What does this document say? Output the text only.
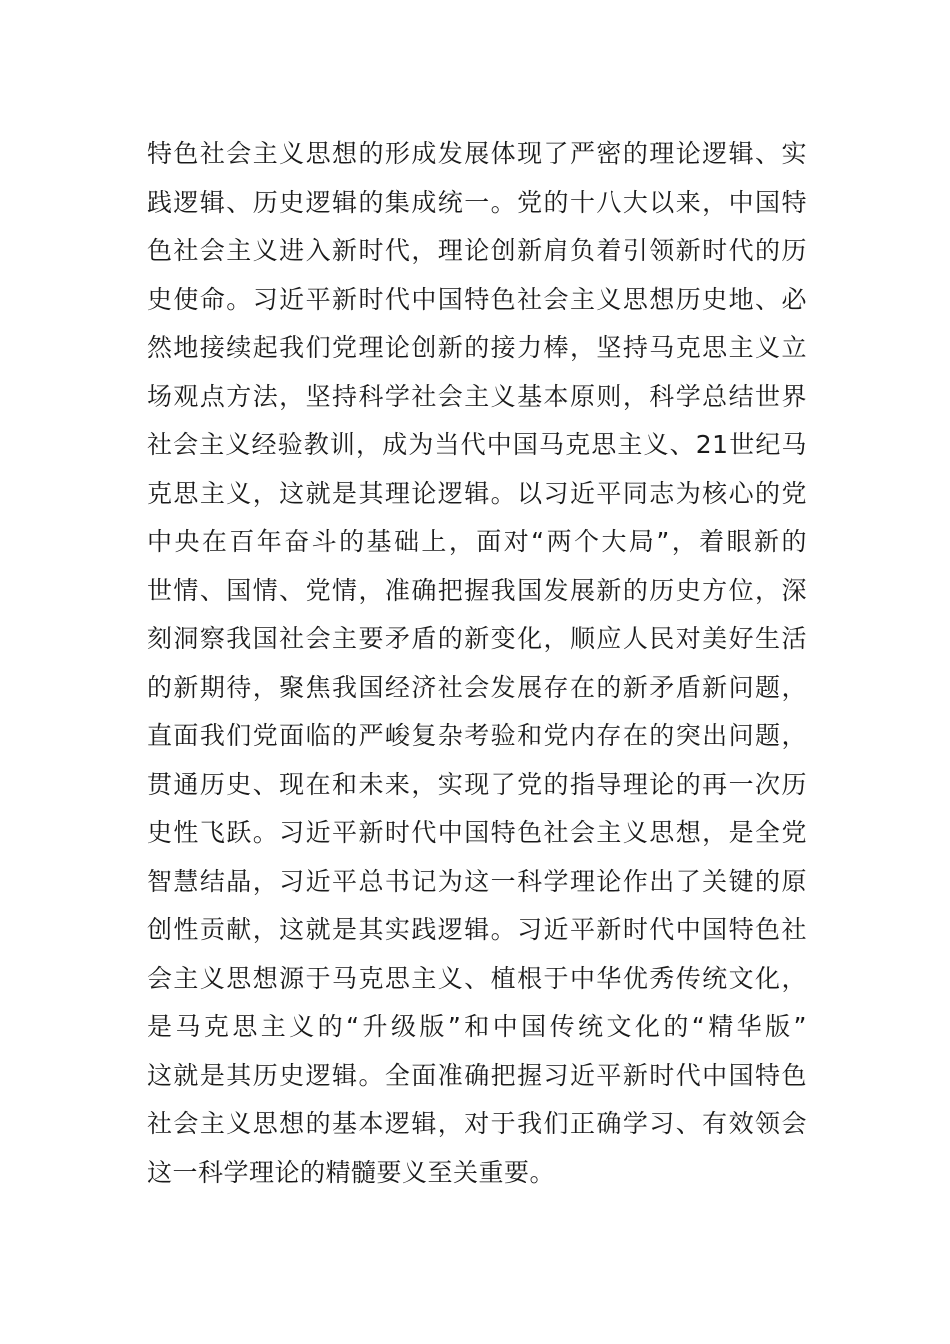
特色社会主义思想的形成发展体现了严密的理论逻辑、实
践逻辑、历史逻辑的集成统一。党的十八大以来，中国特
色社会主义进入新时代，理论创新肩负着引领新时代的历
史使命。习近平新时代中国特色社会主义思想历史地、必
然地接续起我们党理论创新的接力棒，坚持马克思主义立
场观点方法，坚持科学社会主义基本原则，科学总结世界
社会主义经验教训，成为当代中国马克思主义、21世纪马
克思主义，这就是其理论逻辑。以习近平同志为核心的党
中央在百年奋斗的基础上，面对“两个大局”，着眼新的
世情、国情、党情，准确把握我国发展新的历史方位，深
刻洞察我国社会主要矛盾的新变化，顺应人民对美好生活
的新期待，聚焦我国经济社会发展存在的新矛盾新问题，
直面我们党面临的严峻复杂考验和党内存在的突出问题，
贯通历史、现在和未来，实现了党的指导理论的再一次历
史性飞跃。习近平新时代中国特色社会主义思想，是全党
智慧结晶，习近平总书记为这一科学理论作出了关键的原
创性贡献，这就是其实践逻辑。习近平新时代中国特色社
会主义思想源于马克思主义、植根于中华优秀传统文化，
是马克思主义的“升级版”和中国传统文化的“精华版”
这就是其历史逻辑。全面准确把握习近平新时代中国特色
社会主义思想的基本逻辑，对于我们正确学习、有效领会
这一科学理论的精髓要义至关重要。
